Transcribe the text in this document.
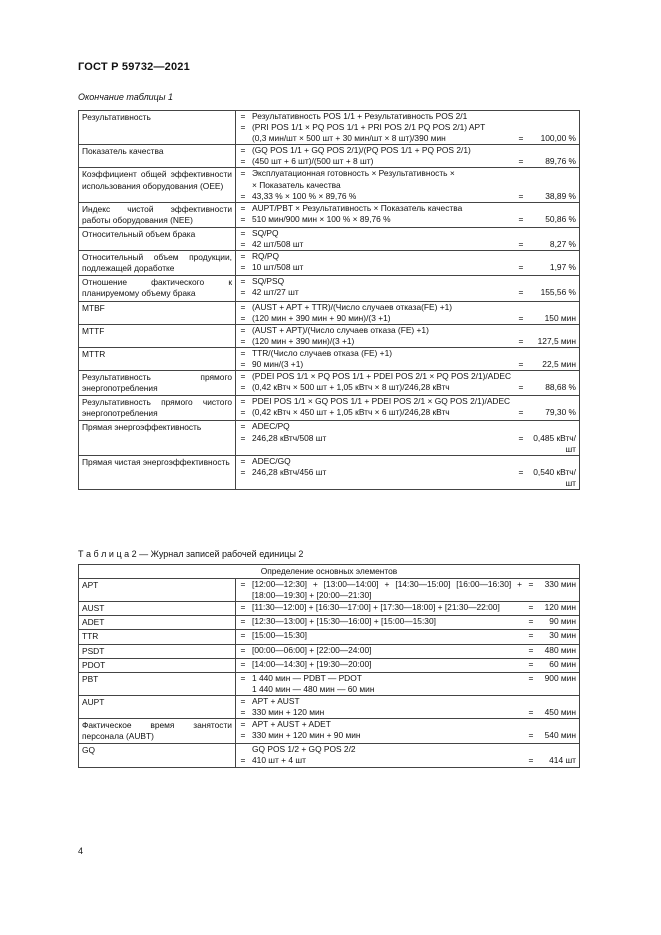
ГОСТ Р 59732—2021
Окончание таблицы 1
Результативность		=	Результативность POS 1/1 + Результативность POS 2/1		
=	(PRI POS 1/1 × PQ POS 1/1 + PRI POS 2/1 PQ POS 2/1) APT		
	(0,3 мин/шт × 500 шт + 30 мин/шт × 8 шт)/390 мин	=	100,00 %

Показатель качества		=	(GQ POS 1/1 + GQ POS 2/1)/(PQ POS 1/1 + PQ POS 2/1)		
=	(450 шт + 6 шт)/(500 шт + 8 шт)	=	89,76 %

Коэффициент общей эффективности использования оборудования (OEE)	
=	Эксплуатационная готовность × Результативность ×		
	× Показатель качества		
=	43,33 % × 100 % × 89,76 %	=	38,89 %

Индекс чистой эффективности работы оборудования (NEE)	
=	AUPT/PBT × Результативность × Показатель качества		
=	510 мин/900 мин × 100 % × 89,76 %	=	50,86 %

Относительный объем брака		=	SQ/PQ		
=	42 шт/508 шт	=	8,27 %

Относительный объем продукции, подлежащей доработке	
=	RQ/PQ		
=	10 шт/508 шт	=	1,97 %

Отношение фактического к планируемому объему брака	
=	SQ/PSQ		
=	42 шт/27 шт	=	155,56 %

MTBF		=	(AUST + APT + TTR)/(Число случаев отказа(FE) +1)		
=	(120 мин + 390 мин + 90 мин)/(3 +1)	=	150 мин

MTTF		=	(AUST + APT)/(Число случаев отказа (FE) +1)		
=	(120 мин + 390 мин)/(3 +1)	=	127,5 мин

MTTR		=	TTR/(Число случаев отказа (FE) +1)		
=	90 мин/(3 +1)	=	22,5 мин

Результативность прямого энергопотребления	
=	(PDEI POS 1/1 × PQ POS 1/1 + PDEI POS 2/1 × PQ POS 2/1)/ADEC		
=	(0,42 кВтч × 500 шт + 1,05 кВтч × 8 шт)/246,28 кВтч	=	88,68 %

Результативность прямого чистого энергопотребления	
=	PDEI POS 1/1 × GQ POS 1/1 + PDEI POS 2/1 × GQ POS 2/1)/ADEC		
=	(0,42 кВтч × 450 шт + 1,05 кВтч × 6 шт)/246,28 кВтч	=	79,30 %

Прямая энергоэффективность		=	ADEC/PQ		
=	246,28 кВтч/508 шт	=	0,485 кВтч/шт

Прямая чистая энергоэффективность	=	ADEC/GQ		
=	246,28 кВтч/456 шт	=	0,540 кВтч/шт
Т а б л и ц а 2 — Журнал записей рабочей единицы 2
Определение основных элементов
APT		=	[12:00—12:30] + [13:00—14:00] + [14:30—15:00] [16:00—16:30] + [18:00—19:30] + [20:00—21:30]	=	330 мин

AUST		=	[11:30—12:00] + [16:30—17:00] + [17:30—18:00] + [21:30—22:00]	=	120 мин

ADET		=	[12:30—13:00] + [15:30—16:00] + [15:00—15:30]	=	90 мин

TTR		=	[15:00—15:30]	=	30 мин

PSDT		=	[00:00—06:00] + [22:00—24:00]	=	480 мин

PDOT		=	[14:00—14:30] + [19:30—20:00]	=	60 мин

PBT		=	1 440 мин — PDBT — PDOT	=	900 мин
	1 440 мин — 480 мин — 60 мин		

AUPT		=	APT + AUST		
=	330 мин + 120 мин	=	450 мин

Фактическое время занятости персонала (AUBT)	
=	APT + AUST + ADET		
=	330 мин + 120 мин + 90 мин	=	540 мин

GQ	
		GQ POS 1/2 + GQ POS 2/2		
=	410 шт + 4 шт	=	414 шт
4
